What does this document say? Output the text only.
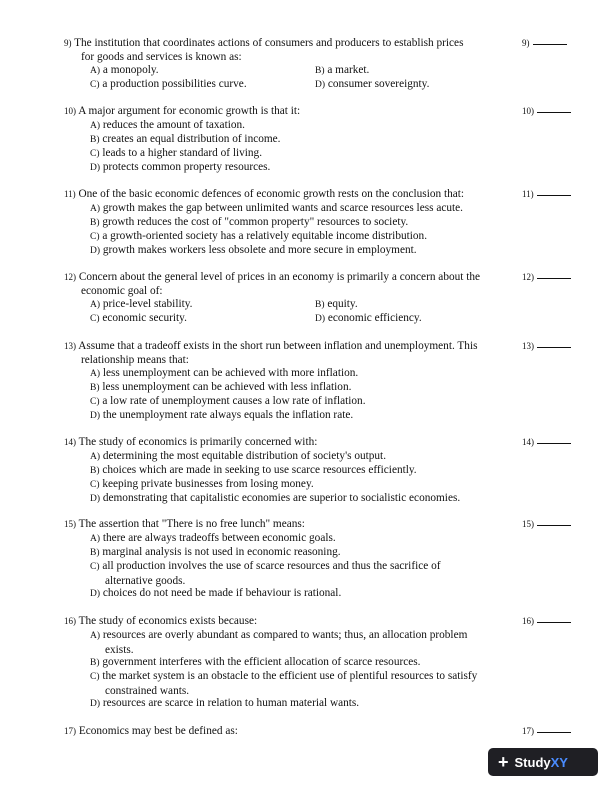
9) The institution that coordinates actions of consumers and producers to establish prices
for goods and services is known as:
9)
A) a monopoly.	B) a market.
C) a production possibilities curve.	D) consumer sovereignty.
10) A major argument for economic growth is that it:	10)
A) reduces the amount of taxation.
B) creates an equal distribution of income.
C) leads to a higher standard of living.
D) protects common property resources.
11) One of the basic economic defences of economic growth rests on the conclusion that:	11)
A) growth makes the gap between unlimited wants and scarce resources less acute.
B) growth reduces the cost of "common property" resources to society.
C) a growth-oriented society has a relatively equitable income distribution.
D) growth makes workers less obsolete and more secure in employment.
12) Concern about the general level of prices in an economy is primarily a concern about the
economic goal of:
12)
A) price-level stability.	B) equity.
C) economic security.	D) economic efficiency.
13) Assume that a tradeoff exists in the short run between inflation and unemployment. This
relationship means that:
13)
A) less unemployment can be achieved with more inflation.
B) less unemployment can be achieved with less inflation.
C) a low rate of unemployment causes a low rate of inflation.
D) the unemployment rate always equals the inflation rate.
14) The study of economics is primarily concerned with:	14)
A) determining the most equitable distribution of society's output.
B) choices which are made in seeking to use scarce resources efficiently.
C) keeping private businesses from losing money.
D) demonstrating that capitalistic economies are superior to socialistic economies.
15) The assertion that "There is no free lunch" means:	15)
A) there are always tradeoffs between economic goals.
B) marginal analysis is not used in economic reasoning.
C) all production involves the use of scarce resources and thus the sacrifice of
alternative goods.
D) choices do not need be made if behaviour is rational.
16) The study of economics exists because:	16)
A) resources are overly abundant as compared to wants; thus, an allocation problem
exists.
B) government interferes with the efficient allocation of scarce resources.
C) the market system is an obstacle to the efficient use of plentiful resources to satisfy
constrained wants.
D) resources are scarce in relation to human material wants.
17) Economics may best be defined as:	17)
+ StudyXY
